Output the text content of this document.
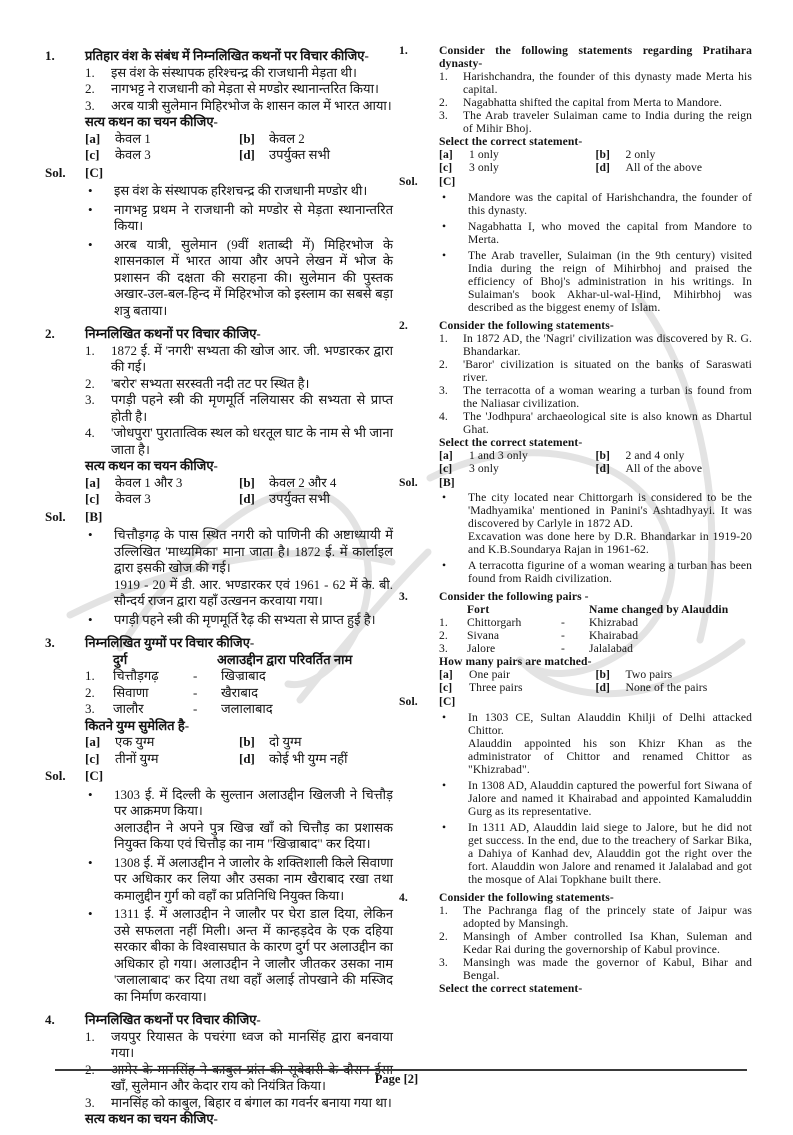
1.	प्रतिहार वंश के संबंध में निम्नलिखित कथनों पर विचार कीजिए-
1.	इस वंश के संस्थापक हरिश्चन्द्र की राजधानी मेड़ता थी।
2.	नागभट्ट ने राजधानी को मेड़ता से मण्डोर स्थानान्तरित किया।
3.	अरब यात्री सुलेमान मिहिरभोज के शासन काल में भारत आया।
सत्य कथन का चयन कीजिए-
[a]	केवल 1	[b]	केवल 2
[c]	केवल 3	[d]	उपर्युक्त सभी
Sol.	[C]
•	इस वंश के संस्थापक हरिशचन्द्र की राजधानी मण्डोर थी।
•	नागभट्ट प्रथम ने राजधानी को मण्डोर से मेड़ता स्थानान्तरित किया।
•	अरब यात्री, सुलेमान (9वीं शताब्दी में) मिहिरभोज के शासनकाल में भारत आया और अपने लेखन में भोज के प्रशासन की दक्षता की सराहना की। सुलेमान की पुस्तक अखार-उल-बल-हिन्द में मिहिरभोज को इस्लाम का सबसे बड़ा शत्रु बताया।
2.	निम्नलिखित कथनों पर विचार कीजिए-
1.	1872 ई. में 'नगरी' सभ्यता की खोज आर. जी. भण्डारकर द्वारा की गई।
2.	'बरोर' सभ्यता सरस्वती नदी तट पर स्थित है।
3.	पगड़ी पहने स्त्री की मृणमूर्ति नलियासर की सभ्यता से प्राप्त होती है।
4.	'जोधपुरा' पुरातात्विक स्थल को धरतूल घाट के नाम से भी जाना जाता है।
सत्य कथन का चयन कीजिए-
[a]	केवल 1 और 3	[b]	केवल 2 और 4
[c]	केवल 3	[d]	उपर्युक्त सभी
Sol.	[B]
•	चित्तौड़गढ़ के पास स्थित नगरी को पाणिनी की अष्टाध्यायी में उल्लिखित 'माध्यमिका' माना जाता है। 1872 ई. में कार्लाइल द्वारा इसकी खोज की गई।
1919 - 20 में डी. आर. भण्डारकर एवं 1961 - 62 में के. बी. सौन्दर्य राजन द्वारा यहाँ उत्खनन करवाया गया।
•	पगड़ी पहने स्त्री की मृणमूर्ति रैढ़ की सभ्यता से प्राप्त हुई है।
3.	निम्नलिखित युग्मों पर विचार कीजिए-
दुर्ग	अलाउद्दीन द्वारा परिवर्तित नाम
1.	चित्तौड़गढ़	-	खिज्राबाद
2.	सिवाणा	-	खैराबाद
3.	जालौर	-	जलालाबाद
कितने युग्म सुमेलित है-
[a]	एक युग्म	[b]	दो युग्म
[c]	तीनों युग्म	[d]	कोई भी युग्म नहीं
Sol.	[C]
•	1303 ई. में दिल्ली के सुल्तान अलाउद्दीन खिलजी ने चित्तौड़ पर आक्रमण किया।
अलाउद्दीन ने अपने पुत्र खिज्र खाँ को चित्तौड़ का प्रशासक नियुक्त किया एवं चित्तौड़ का नाम "खिज्राबाद" कर दिया।
•	1308 ई. में अलाउद्दीन ने जालोर के शक्तिशाली किले सिवाणा पर अधिकार कर लिया और उसका नाम खैराबाद रखा तथा कमालुद्दीन गुर्ग को वहाँ का प्रतिनिधि नियुक्त किया।
•	1311 ई. में अलाउद्दीन ने जालौर पर घेरा डाल दिया, लेकिन उसे सफलता नहीं मिली। अन्त में कान्हड़देव के एक दहिया सरकार बीका के विश्वासघात के कारण दुर्ग पर अलाउद्दीन का अधिकार हो गया। अलाउद्दीन ने जालौर जीतकर उसका नाम 'जलालाबाद' कर दिया तथा वहाँ अलाई तोपखाने की मस्जिद का निर्माण करवाया।
4.	निम्नलिखित कथनों पर विचार कीजिए-
1.	जयपुर रियासत के पचरंगा ध्वज को मानसिंह द्वारा बनवाया गया।
2.	आमेर के मानसिंह ने काबुल प्रांत की सूबेदारी के दौरान ईसा खाँ, सुलेमान और केदार राय को नियंत्रित किया।
3.	मानसिंह को काबुल, बिहार व बंगाल का गवर्नर बनाया गया था।
सत्य कथन का चयन कीजिए-
1.	Consider the following statements regarding Pratihara dynasty-
1.	Harishchandra, the founder of this dynasty made Merta his capital.
2.	Nagabhatta shifted the capital from Merta to Mandore.
3.	The Arab traveler Sulaiman came to India during the reign of Mihir Bhoj.
Select the correct statement-
[a]	1 only	[b]	2 only
[c]	3 only	[d]	All of the above
Sol.	[C]
•	Mandore was the capital of Harishchandra, the founder of this dynasty.
•	Nagabhatta I, who moved the capital from Mandore to Merta.
•	The Arab traveller, Sulaiman (in the 9th century) visited India during the reign of Mihirbhoj and praised the efficiency of Bhoj's administration in his writings. In Sulaiman's book Akhar-ul-wal-Hind, Mihirbhoj was described as the biggest enemy of Islam.
2.	Consider the following statements-
1.	In 1872 AD, the 'Nagri' civilization was discovered by R. G. Bhandarkar.
2.	'Baror' civilization is situated on the banks of Saraswati river.
3.	The terracotta of a woman wearing a turban is found from the Naliasar civilization.
4.	The 'Jodhpura' archaeological site is also known as Dhartul Ghat.
Select the correct statement-
[a]	1 and 3 only	[b]	2 and 4 only
[c]	3 only	[d]	All of the above
Sol.	[B]
•	The city located near Chittorgarh is considered to be the 'Madhyamika' mentioned in Panini's Ashtadhyayi. It was discovered by Carlyle in 1872 AD.
Excavation was done here by D.R. Bhandarkar in 1919-20 and K.B.Soundarya Rajan in 1961-62.
•	A terracotta figurine of a woman wearing a turban has been found from Raidh civilization.
3.	Consider the following pairs -
Fort	Name changed by Alauddin
1.	Chittorgarh	-	Khizrabad
2.	Sivana	-	Khairabad
3.	Jalore	-	Jalalabad
How many pairs are matched-
[a]	One pair	[b]	Two pairs
[c]	Three pairs	[d]	None of the pairs
Sol.	[C]
•	In 1303 CE, Sultan Alauddin Khilji of Delhi attacked Chittor.
Alauddin appointed his son Khizr Khan as the administrator of Chittor and renamed Chittor as "Khizrabad".
•	In 1308 AD, Alauddin captured the powerful fort Siwana of Jalore and named it Khairabad and appointed Kamaluddin Gurg as its representative.
•	In 1311 AD, Alauddin laid siege to Jalore, but he did not get success. In the end, due to the treachery of Sarkar Bika, a Dahiya of Kanhad dev, Alauddin got the right over the fort. Alauddin won Jalore and renamed it Jalalabad and got the mosque of Alai Topkhane built there.
4.	Consider the following statements-
1.	The Pachranga flag of the princely state of Jaipur was adopted by Mansingh.
2.	Mansingh of Amber controlled Isa Khan, Suleman and Kedar Rai during the governorship of Kabul province.
3.	Mansingh was made the governor of Kabul, Bihar and Bengal.
Select the correct statement-
Page [2]
